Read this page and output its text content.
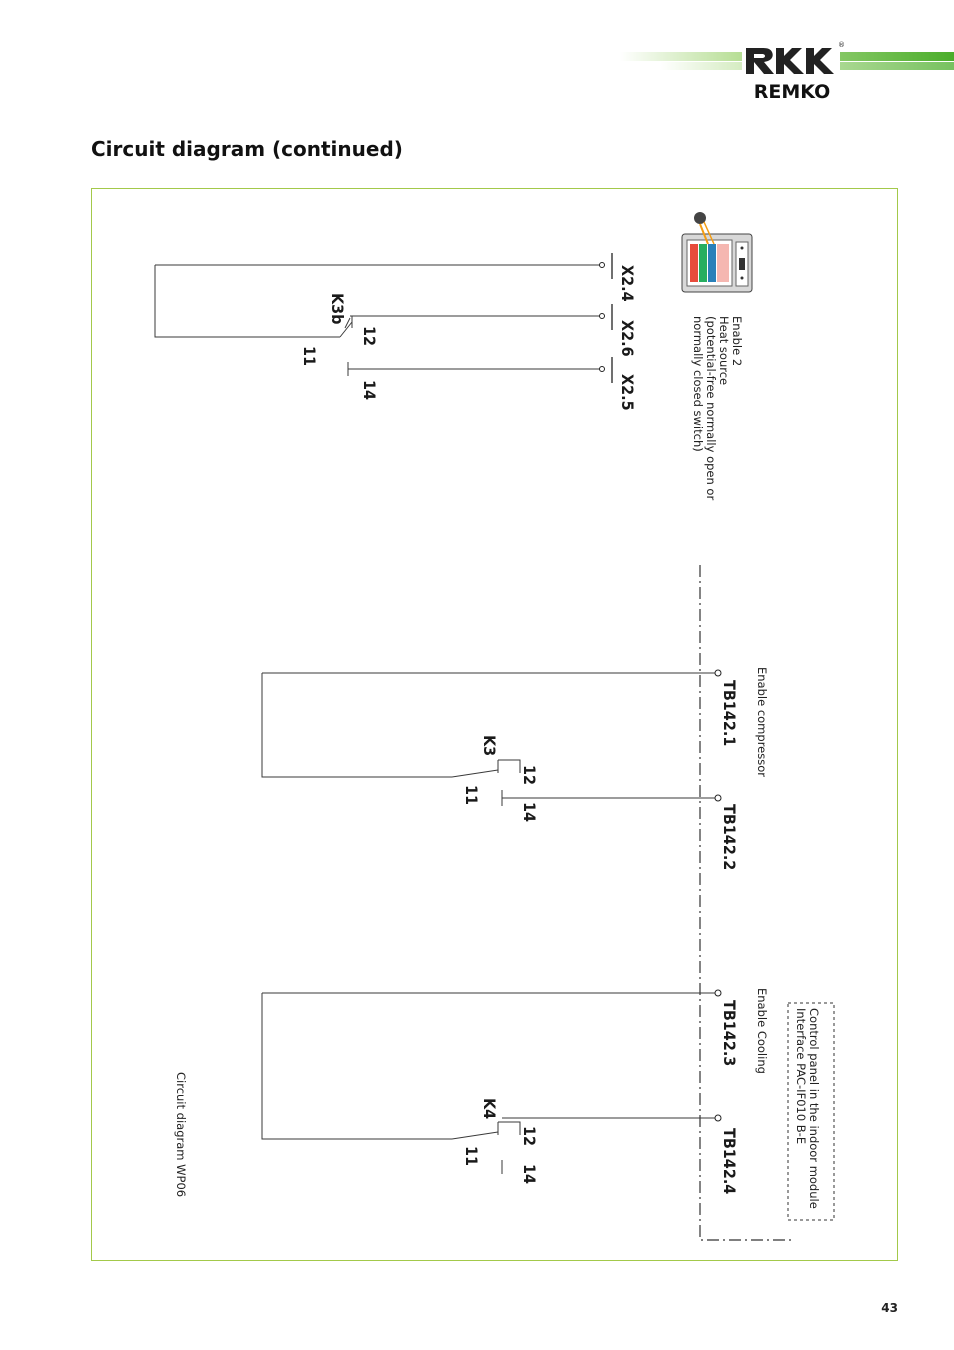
®
REMKO
Circuit diagram (continued)
X2.4
X2.6
X2.5
K3b
12
11
14
Enable 2
Heat source
(potential-free normally open or
normally closed switch)
Control panel in the indoor module
Interface PAC-IF010 B-E
TB142.1
TB142.2
K3
12
11
14
Enable compressor
TB142.3
TB142.4
K4
12
11
14
Enable Cooling
Circuit diagram WP06
43
